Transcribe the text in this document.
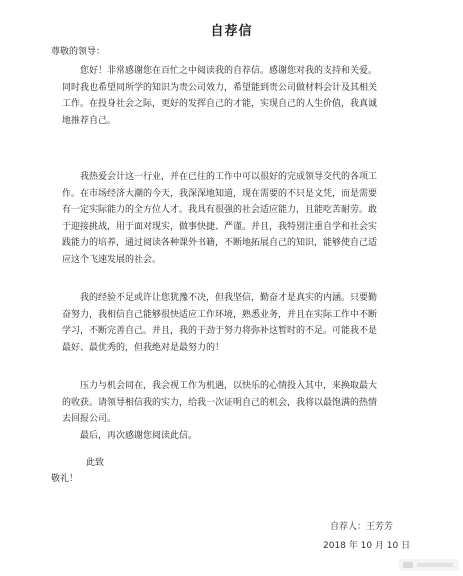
自荐信
尊敬的领导：
您好！非常感谢您在百忙之中阅读我的自荐信。感谢您对我的支持和关爱。
同时我也希望同所学的知识为贵公司效力，希望能到贵公司做材料会计及其相关
工作。在投身社会之际，更好的发挥自己的才能，实现自己的人生价值，我真诚
地推荐自己。
我热爱会计这一行业，并在已往的工作中可以很好的完成领导交代的各项工
作。在市场经济大潮的今天，我深深地知道，现在需要的不只是文凭，而是需要
有一定实际能力的全方位人才。我具有很强的社会适应能力，且能吃苦耐劳。敢
于迎接挑战，用于面对现实，做事快捷、严谨。并且，我特别注重自学和社会实
践能力的培养，通过阅读各种课外书籍，不断地拓展自己的知识，能够使自己适
应这个飞速发展的社会。
我的经验不足或许让您犹豫不决，但我坚信，勤奋才是真实的内涵。只要勤
奋努力，我相信自己能够很快适应工作环境，熟悉业务，并且在实际工作中不断
学习，不断完善自己。并且，我的干劲于努力将弥补这暂时的不足。可能我不是
最好、最优秀的，但我绝对是最努力的！
压力与机会同在，我会视工作为机遇，以快乐的心情投入其中，来换取最大
的收获。请领导相信我的实力，给我一次证明自己的机会，我将以最饱满的热情
去回报公司。
最后，再次感谢您阅读此信。
此致
敬礼！
自荐人：王芳芳
2018 年 10 月 10 日
